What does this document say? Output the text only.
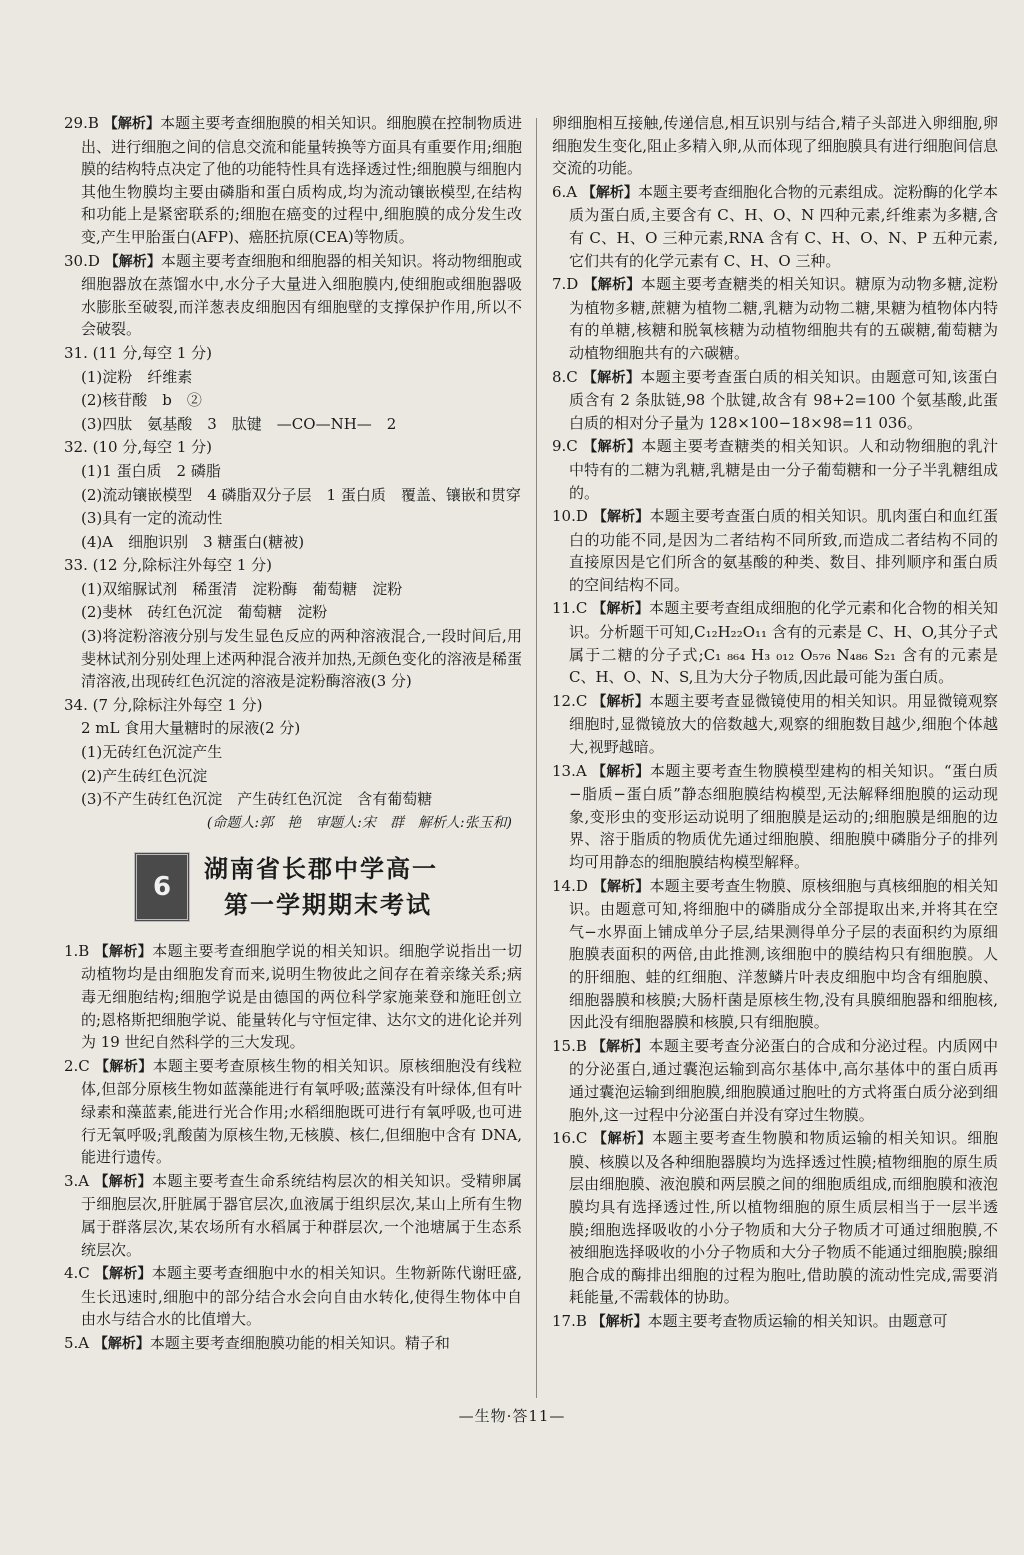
29.B 【解析】本题主要考查细胞膜的相关知识。细胞膜在控制物质进出、进行细胞之间的信息交流和能量转换等方面具有重要作用;细胞膜的结构特点决定了他的功能特性具有选择透过性;细胞膜与细胞内其他生物膜均主要由磷脂和蛋白质构成,均为流动镶嵌模型,在结构和功能上是紧密联系的;细胞在癌变的过程中,细胞膜的成分发生改变,产生甲胎蛋白(AFP)、癌胚抗原(CEA)等物质。
30.D 【解析】本题主要考查细胞和细胞器的相关知识。将动物细胞或细胞器放在蒸馏水中,水分子大量进入细胞膜内,使细胞或细胞器吸水膨胀至破裂,而洋葱表皮细胞因有细胞壁的支撑保护作用,所以不会破裂。
31. (11 分,每空 1 分)
(1)淀粉　纤维素
(2)核苷酸　b　②
(3)四肽　氨基酸　3　肽键　—CO—NH—　2
32. (10 分,每空 1 分)
(1)1 蛋白质　2 磷脂
(2)流动镶嵌模型　4 磷脂双分子层　1 蛋白质　覆盖、镶嵌和贯穿
(3)具有一定的流动性
(4)A　细胞识别　3 糖蛋白(糖被)
33. (12 分,除标注外每空 1 分)
(1)双缩脲试剂　稀蛋清　淀粉酶　葡萄糖　淀粉
(2)斐林　砖红色沉淀　葡萄糖　淀粉
(3)将淀粉溶液分别与发生显色反应的两种溶液混合,一段时间后,用斐林试剂分别处理上述两种混合液并加热,无颜色变化的溶液是稀蛋清溶液,出现砖红色沉淀的溶液是淀粉酶溶液(3 分)
34. (7 分,除标注外每空 1 分)
2 mL 食用大量糖时的尿液(2 分)
(1)无砖红色沉淀产生
(2)产生砖红色沉淀
(3)不产生砖红色沉淀　产生砖红色沉淀　含有葡萄糖
(命题人:郭　艳　审题人:宋　群　解析人:张玉和)
6
湖南省长郡中学高一
第一学期期末考试
1.B 【解析】本题主要考查细胞学说的相关知识。细胞学说指出一切动植物均是由细胞发育而来,说明生物彼此之间存在着亲缘关系;病毒无细胞结构;细胞学说是由德国的两位科学家施莱登和施旺创立的;恩格斯把细胞学说、能量转化与守恒定律、达尔文的进化论并列为 19 世纪自然科学的三大发现。
2.C 【解析】本题主要考查原核生物的相关知识。原核细胞没有线粒体,但部分原核生物如蓝藻能进行有氧呼吸;蓝藻没有叶绿体,但有叶绿素和藻蓝素,能进行光合作用;水稻细胞既可进行有氧呼吸,也可进行无氧呼吸;乳酸菌为原核生物,无核膜、核仁,但细胞中含有 DNA,能进行遗传。
3.A 【解析】本题主要考查生命系统结构层次的相关知识。受精卵属于细胞层次,肝脏属于器官层次,血液属于组织层次,某山上所有生物属于群落层次,某农场所有水稻属于种群层次,一个池塘属于生态系统层次。
4.C 【解析】本题主要考查细胞中水的相关知识。生物新陈代谢旺盛,生长迅速时,细胞中的部分结合水会向自由水转化,使得生物体中自由水与结合水的比值增大。
5.A 【解析】本题主要考查细胞膜功能的相关知识。精子和
卵细胞相互接触,传递信息,相互识别与结合,精子头部进入卵细胞,卵细胞发生变化,阻止多精入卵,从而体现了细胞膜具有进行细胞间信息交流的功能。
6.A 【解析】本题主要考查细胞化合物的元素组成。淀粉酶的化学本质为蛋白质,主要含有 C、H、O、N 四种元素,纤维素为多糖,含有 C、H、O 三种元素,RNA 含有 C、H、O、N、P 五种元素,它们共有的化学元素有 C、H、O 三种。
7.D 【解析】本题主要考查糖类的相关知识。糖原为动物多糖,淀粉为植物多糖,蔗糖为植物二糖,乳糖为动物二糖,果糖为植物体内特有的单糖,核糖和脱氧核糖为动植物细胞共有的五碳糖,葡萄糖为动植物细胞共有的六碳糖。
8.C 【解析】本题主要考查蛋白质的相关知识。由题意可知,该蛋白质含有 2 条肽链,98 个肽键,故含有 98+2=100 个氨基酸,此蛋白质的相对分子量为 128×100−18×98=11 036。
9.C 【解析】本题主要考查糖类的相关知识。人和动物细胞的乳汁中特有的二糖为乳糖,乳糖是由一分子葡萄糖和一分子半乳糖组成的。
10.D 【解析】本题主要考查蛋白质的相关知识。肌肉蛋白和血红蛋白的功能不同,是因为二者结构不同所致,而造成二者结构不同的直接原因是它们所含的氨基酸的种类、数目、排列顺序和蛋白质的空间结构不同。
11.C 【解析】本题主要考查组成细胞的化学元素和化合物的相关知识。分析题干可知,C₁₂H₂₂O₁₁ 含有的元素是 C、H、O,其分子式属于二糖的分子式;C₁ ₈₆₄ H₃ ₀₁₂ O₅₇₆ N₄₈₆ S₂₁ 含有的元素是 C、H、O、N、S,且为大分子物质,因此最可能为蛋白质。
12.C 【解析】本题主要考查显微镜使用的相关知识。用显微镜观察细胞时,显微镜放大的倍数越大,观察的细胞数目越少,细胞个体越大,视野越暗。
13.A 【解析】本题主要考查生物膜模型建构的相关知识。“蛋白质−脂质−蛋白质”静态细胞膜结构模型,无法解释细胞膜的运动现象,变形虫的变形运动说明了细胞膜是运动的;细胞膜是细胞的边界、溶于脂质的物质优先通过细胞膜、细胞膜中磷脂分子的排列均可用静态的细胞膜结构模型解释。
14.D 【解析】本题主要考查生物膜、原核细胞与真核细胞的相关知识。由题意可知,将细胞中的磷脂成分全部提取出来,并将其在空气−水界面上铺成单分子层,结果测得单分子层的表面积约为原细胞膜表面积的两倍,由此推测,该细胞中的膜结构只有细胞膜。人的肝细胞、蛙的红细胞、洋葱鳞片叶表皮细胞中均含有细胞膜、细胞器膜和核膜;大肠杆菌是原核生物,没有具膜细胞器和细胞核,因此没有细胞器膜和核膜,只有细胞膜。
15.B 【解析】本题主要考查分泌蛋白的合成和分泌过程。内质网中的分泌蛋白,通过囊泡运输到高尔基体中,高尔基体中的蛋白质再通过囊泡运输到细胞膜,细胞膜通过胞吐的方式将蛋白质分泌到细胞外,这一过程中分泌蛋白并没有穿过生物膜。
16.C 【解析】本题主要考查生物膜和物质运输的相关知识。细胞膜、核膜以及各种细胞器膜均为选择透过性膜;植物细胞的原生质层由细胞膜、液泡膜和两层膜之间的细胞质组成,而细胞膜和液泡膜均具有选择透过性,所以植物细胞的原生质层相当于一层半透膜;细胞选择吸收的小分子物质和大分子物质才可通过细胞膜,不被细胞选择吸收的小分子物质和大分子物质不能通过细胞膜;腺细胞合成的酶排出细胞的过程为胞吐,借助膜的流动性完成,需要消耗能量,不需载体的协助。
17.B 【解析】本题主要考查物质运输的相关知识。由题意可
—生物·答11—
